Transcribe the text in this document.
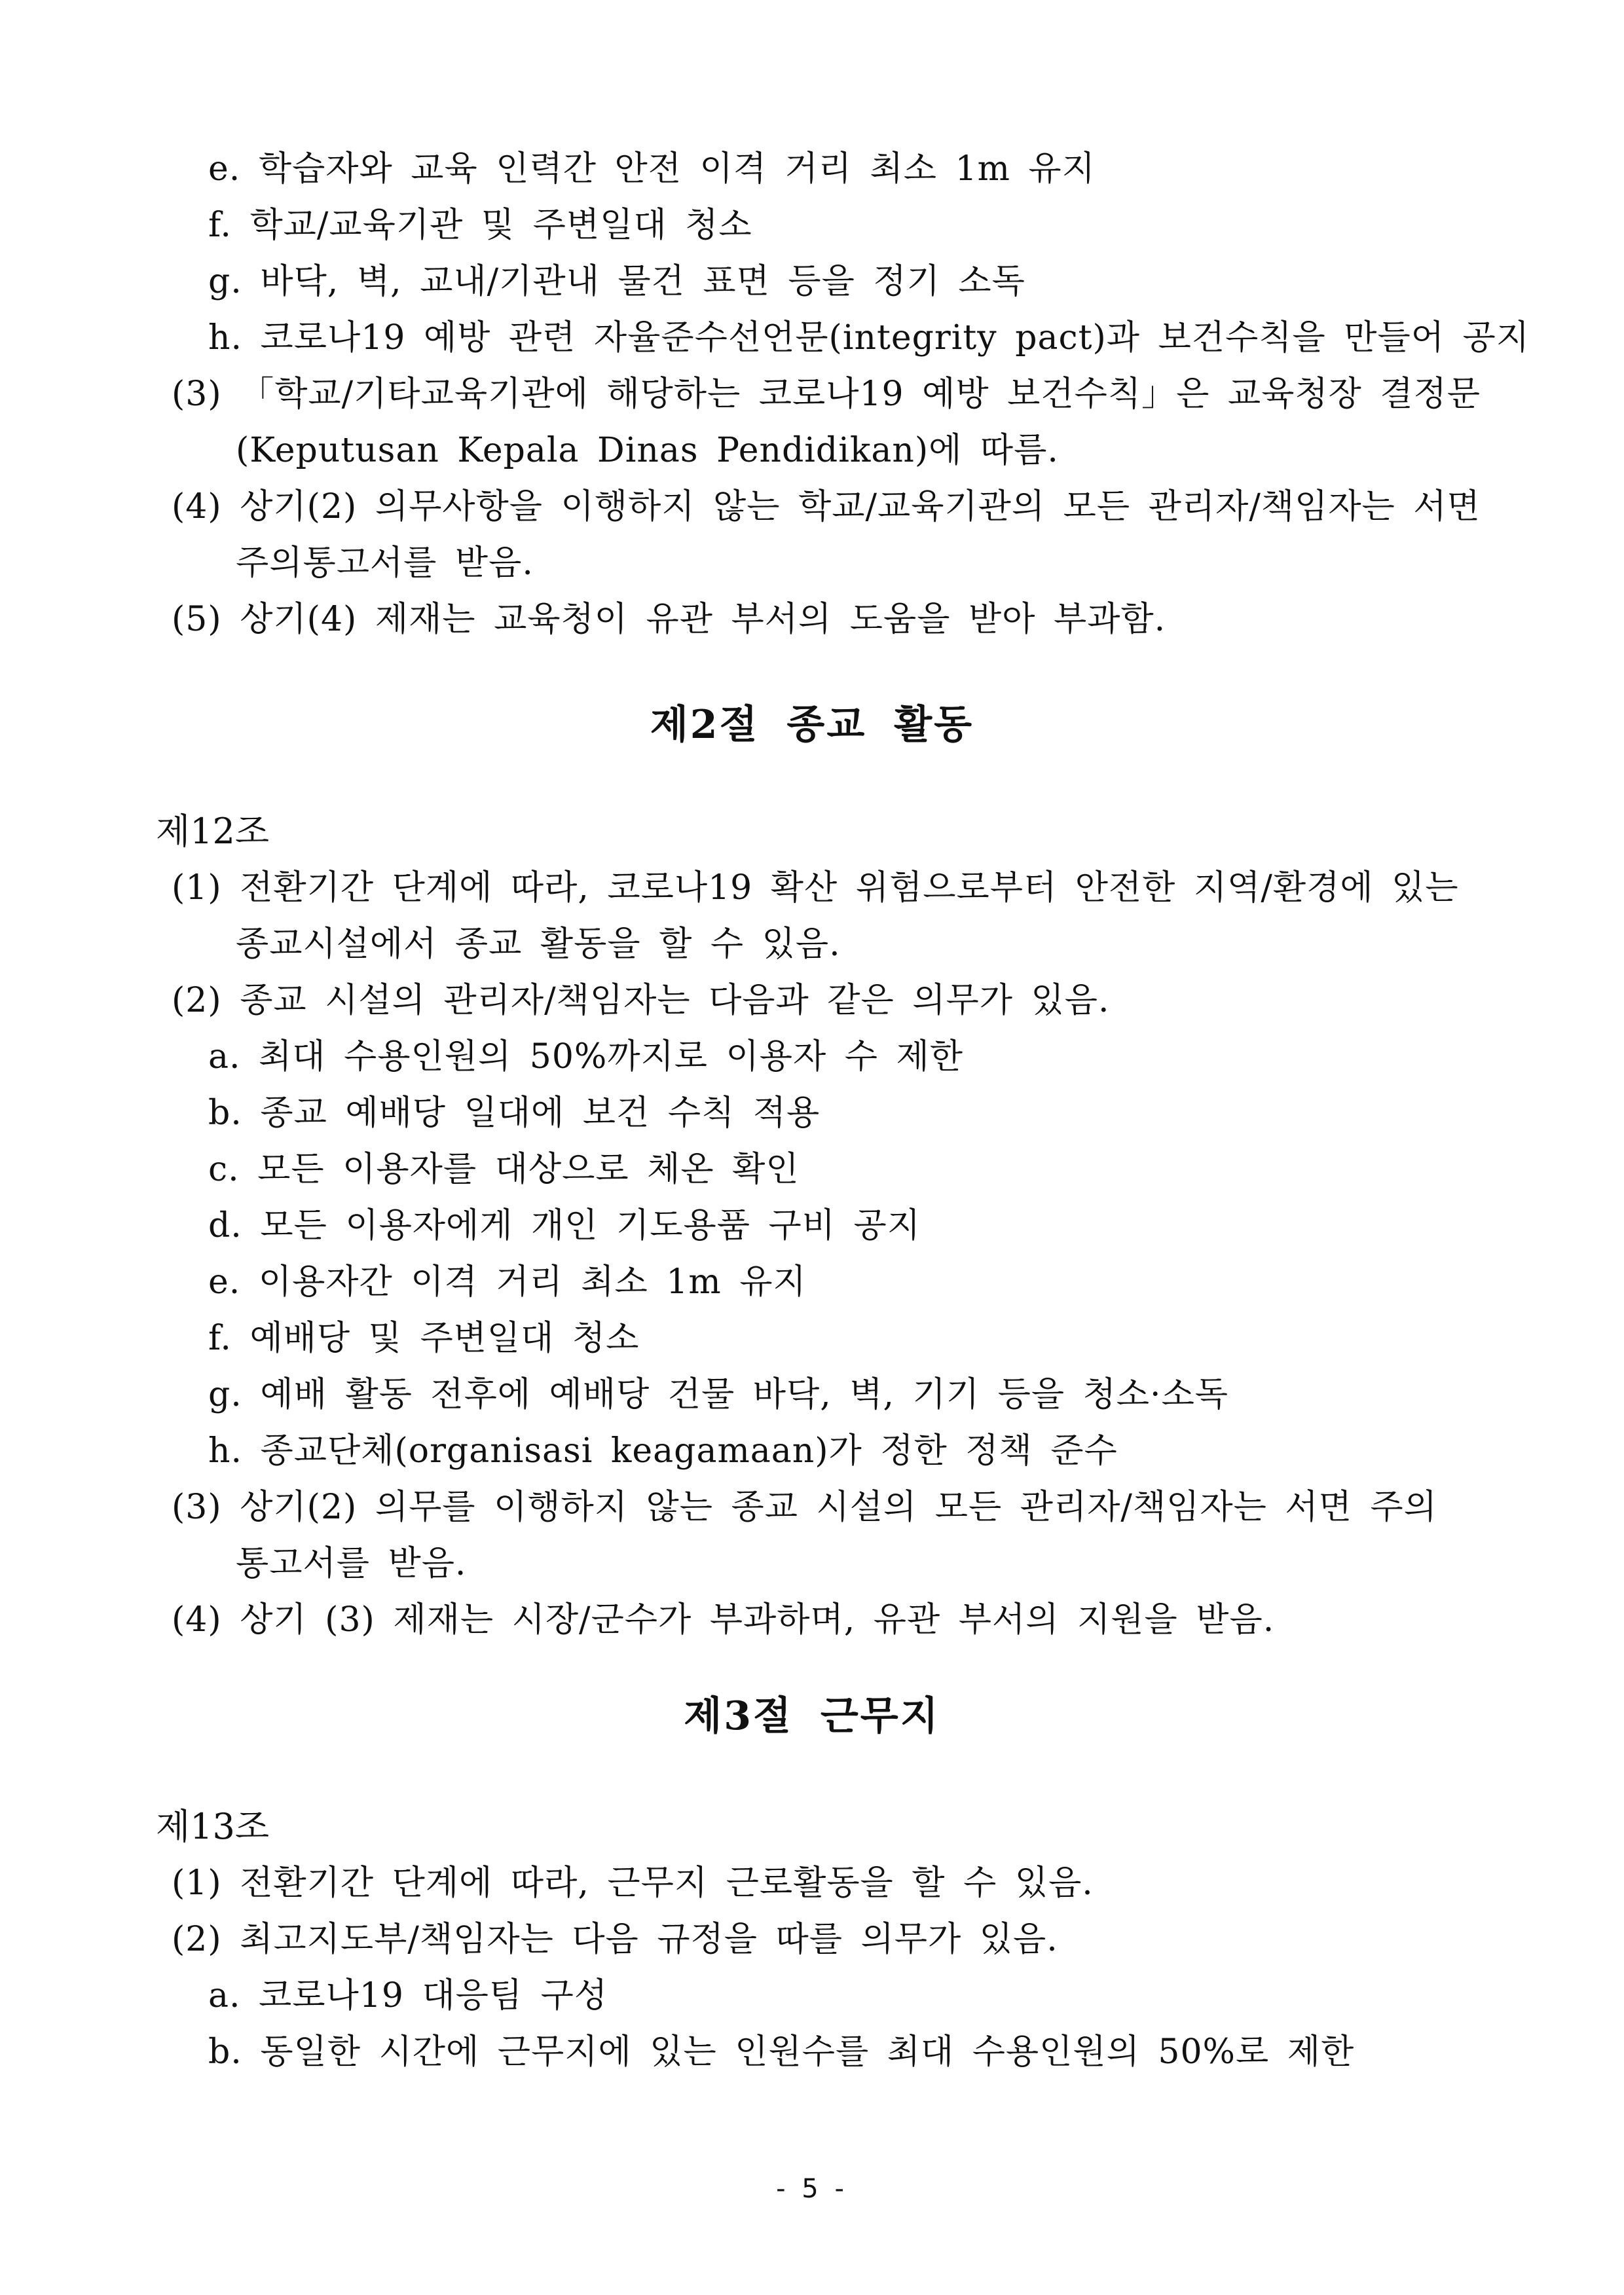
e. 학습자와 교육 인력간 안전 이격 거리 최소 1m 유지
f. 학교/교육기관 및 주변일대 청소
g. 바닥, 벽, 교내/기관내 물건 표면 등을 정기 소독
h. 코로나19 예방 관련 자율준수선언문(integrity pact)과 보건수칙을 만들어 공지
(3) 「학교/기타교육기관에 해당하는 코로나19 예방 보건수칙」은 교육청장 결정문
(Keputusan Kepala Dinas Pendidikan)에 따름.
(4) 상기(2) 의무사항을 이행하지 않는 학교/교육기관의 모든 관리자/책임자는 서면
주의통고서를 받음.
(5) 상기(4) 제재는 교육청이 유관 부서의 도움을 받아 부과함.
제2절 종교 활동
제12조
(1) 전환기간 단계에 따라, 코로나19 확산 위험으로부터 안전한 지역/환경에 있는
종교시설에서 종교 활동을 할 수 있음.
(2) 종교 시설의 관리자/책임자는 다음과 같은 의무가 있음.
a. 최대 수용인원의 50%까지로 이용자 수 제한
b. 종교 예배당 일대에 보건 수칙 적용
c. 모든 이용자를 대상으로 체온 확인
d. 모든 이용자에게 개인 기도용품 구비 공지
e. 이용자간 이격 거리 최소 1m 유지
f. 예배당 및 주변일대 청소
g. 예배 활동 전후에 예배당 건물 바닥, 벽, 기기 등을 청소·소독
h. 종교단체(organisasi keagamaan)가 정한 정책 준수
(3) 상기(2) 의무를 이행하지 않는 종교 시설의 모든 관리자/책임자는 서면 주의
통고서를 받음.
(4) 상기 (3) 제재는 시장/군수가 부과하며, 유관 부서의 지원을 받음.
제3절 근무지
제13조
(1) 전환기간 단계에 따라, 근무지 근로활동을 할 수 있음.
(2) 최고지도부/책임자는 다음 규정을 따를 의무가 있음.
a. 코로나19 대응팀 구성
b. 동일한 시간에 근무지에 있는 인원수를 최대 수용인원의 50%로 제한
- 5 -
